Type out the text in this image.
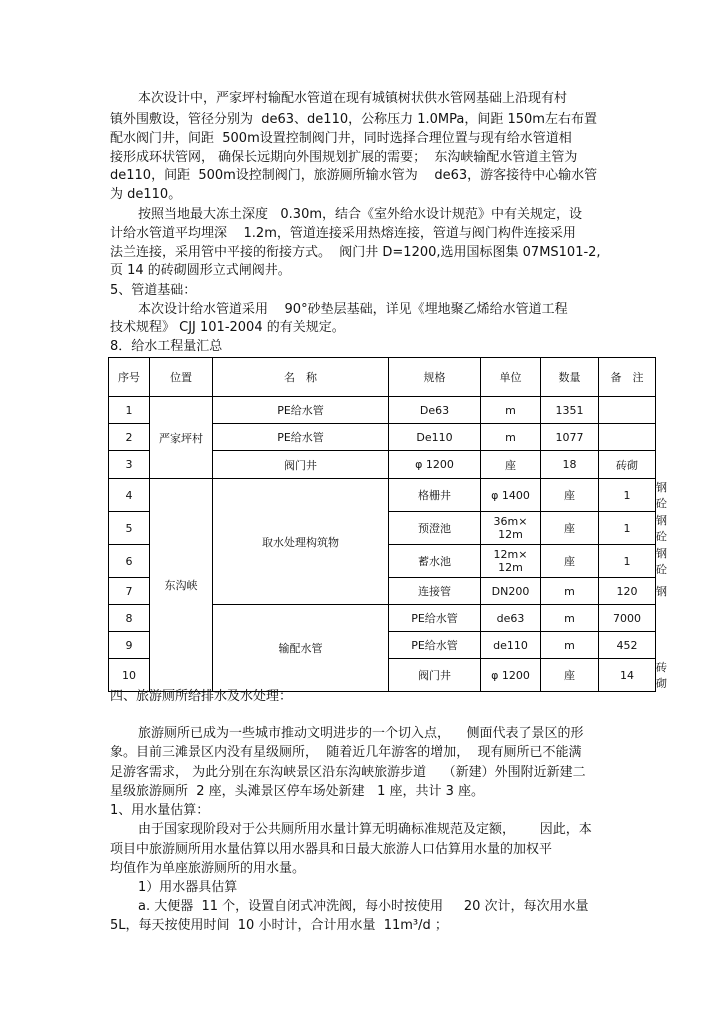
本次设计中，严家坪村输配水管道在现有城镇树状供水管网基础上沿现有村

镇外围敷设，管径分别为  de63、de110，公称压力 1.0MPa，间距 150m左右布置

配水阀门井，间距  500m设置控制阀门井，同时选择合理位置与现有给水管道相

接形成环状管网， 确保长远期向外围规划扩展的需要；  东沟峡输配水管道主管为

de110，间距  500m设控制阀门，旅游厕所输水管为    de63，游客接待中心输水管

为 de110。

按照当地最大冻土深度   0.30m，结合《室外给水设计规范》中有关规定，设

计给水管道平均埋深    1.2m，管道连接采用热熔连接，管道与阀门构件连接采用

法兰连接，采用管中平接的衔接方式。  阀门井 D=1200,选用国标图集 07MS101-2,

页 14 的砖砌圆形立式闸阀井。

5、管道基础：

本次设计给水管道采用    90°砂垫层基础，详见《埋地聚乙烯给水管道工程

技术规程》 CJJ 101-2004 的有关规定。

8．给水工程量汇总

序号	位置	名　称	规格	单位	数量	备　注	
1	严家坪村	PE给水管	De63	m	1351		
2		PE给水管	De110	m	1077		
3		阀门井	φ 1200	座	18	砖砌	
4	东沟峡	取水处理构筑物	格栅井	φ 1400	座	1	钢砼
5			预澄池	36m× 12m	座	1	钢砼
6			蓄水池	12m× 12m	座	1	钢砼
7			连接管	DN200	m	120	钢
8		输配水管	PE给水管	de63	m	7000	
9			PE给水管	de110	m	452	
10			阀门井	φ 1200	座	14	砖砌

四、旅游厕所给排水及水处理：

旅游厕所已成为一些城市推动文明进步的一个切入点，    侧面代表了景区的形

象。目前三滩景区内没有星级厕所，  随着近几年游客的增加，  现有厕所已不能满

足游客需求， 为此分别在东沟峡景区沿东沟峡旅游步道    （新建）外围附近新建二

星级旅游厕所  2 座，头滩景区停车场处新建   1 座，共计 3 座。

1、用水量估算：

由于国家现阶段对于公共厕所用水量计算无明确标准规范及定额，      因此，本

项目中旅游厕所用水量估算以用水器具和日最大旅游人口估算用水量的加权平

均值作为单座旅游厕所的用水量。

1）用水器具估算

a. 大便器  11 个，设置自闭式冲洗阀，每小时按使用     20 次计，每次用水量

5L，每天按使用时间  10 小时计，合计用水量  11m³/d ；
